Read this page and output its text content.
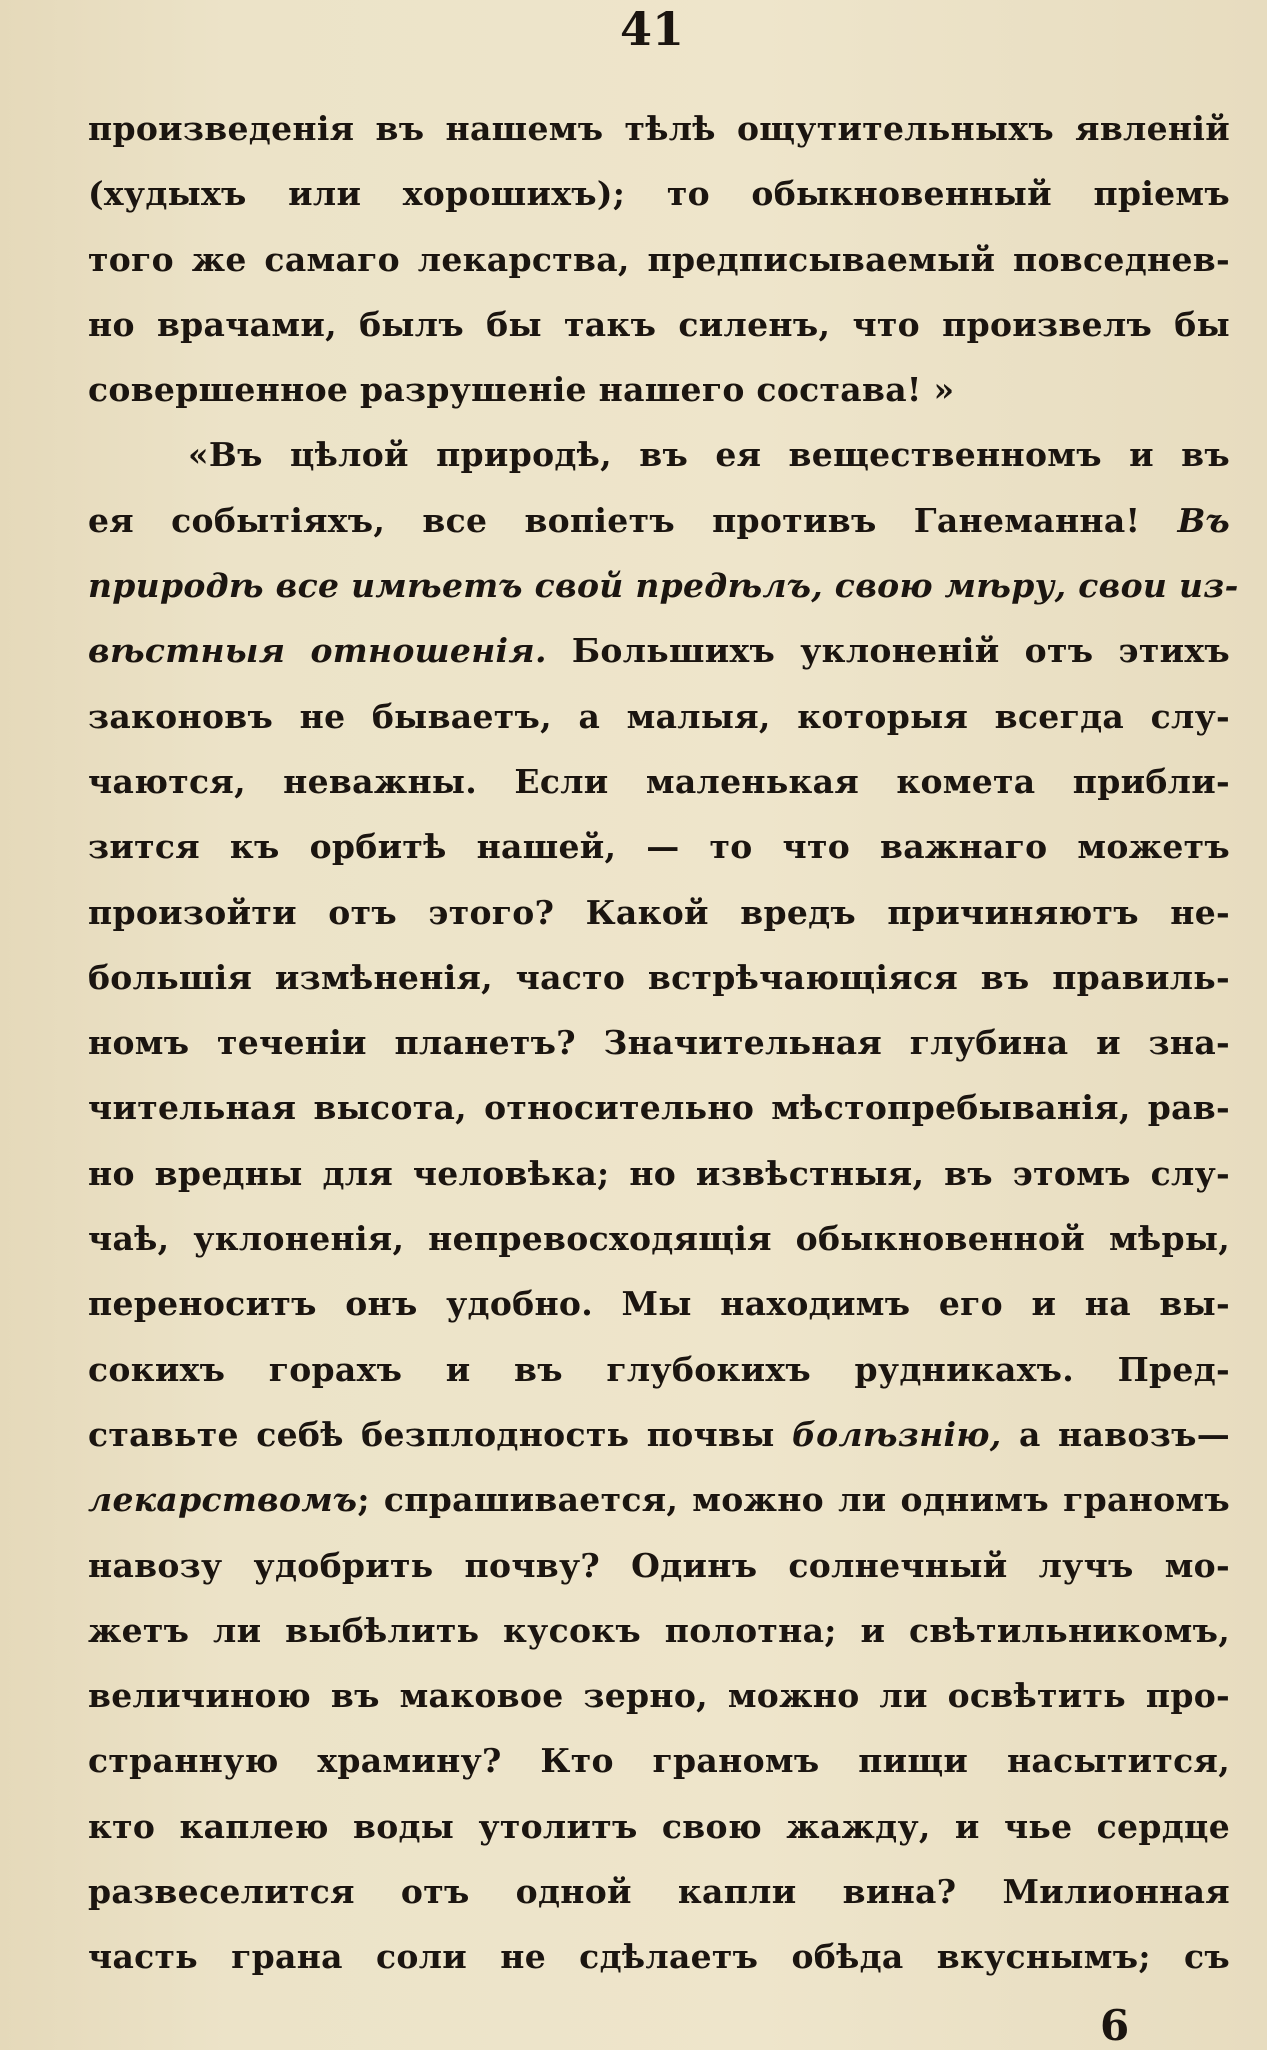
41
произведенія въ нашемъ тѣлѣ ощутительныхъ явленій
(худыхъ или хорошихъ); то обыкновенный пріемъ
того же самаго лекарства, предписываемый повседнев-
но врачами, былъ бы такъ силенъ, что произвелъ бы
совершенное разрушеніе нашего состава! »
«Въ цѣлой природѣ, въ ея вещественномъ и въ
ея событіяхъ, все вопіетъ противъ Ганеманна! Въ
природѣ все имѣетъ свой предѣлъ, свою мѣру, свои из-
вѣстныя отношенія. Большихъ уклоненій отъ этихъ
законовъ не бываетъ, а малыя, которыя всегда слу-
чаются, неважны. Если маленькая комета прибли-
зится къ орбитѣ нашей, — то что важнаго можетъ
произойти отъ этого? Какой вредъ причиняютъ не-
большія измѣненія, часто встрѣчающіяся въ правиль-
номъ теченіи планетъ? Значительная глубина и зна-
чительная высота, относительно мѣстопребыванія, рав-
но вредны для человѣка; но извѣстныя, въ этомъ слу-
чаѣ, уклоненія, непревосходящія обыкновенной мѣры,
переноситъ онъ удобно. Мы находимъ его и на вы-
сокихъ горахъ и въ глубокихъ рудникахъ. Пред-
ставьте себѣ безплодность почвы болѣзнію, а навозъ—
лекарствомъ; спрашивается, можно ли однимъ граномъ
навозу удобрить почву? Одинъ солнечный лучъ мо-
жетъ ли выбѣлить кусокъ полотна; и свѣтильникомъ,
величиною въ маковое зерно, можно ли освѣтить про-
странную храмину? Кто граномъ пищи насытится,
кто каплею воды утолитъ свою жажду, и чье сердце
развеселится отъ одной капли вина? Милионная
часть грана соли не сдѣлаетъ обѣда вкуснымъ; съ
6
